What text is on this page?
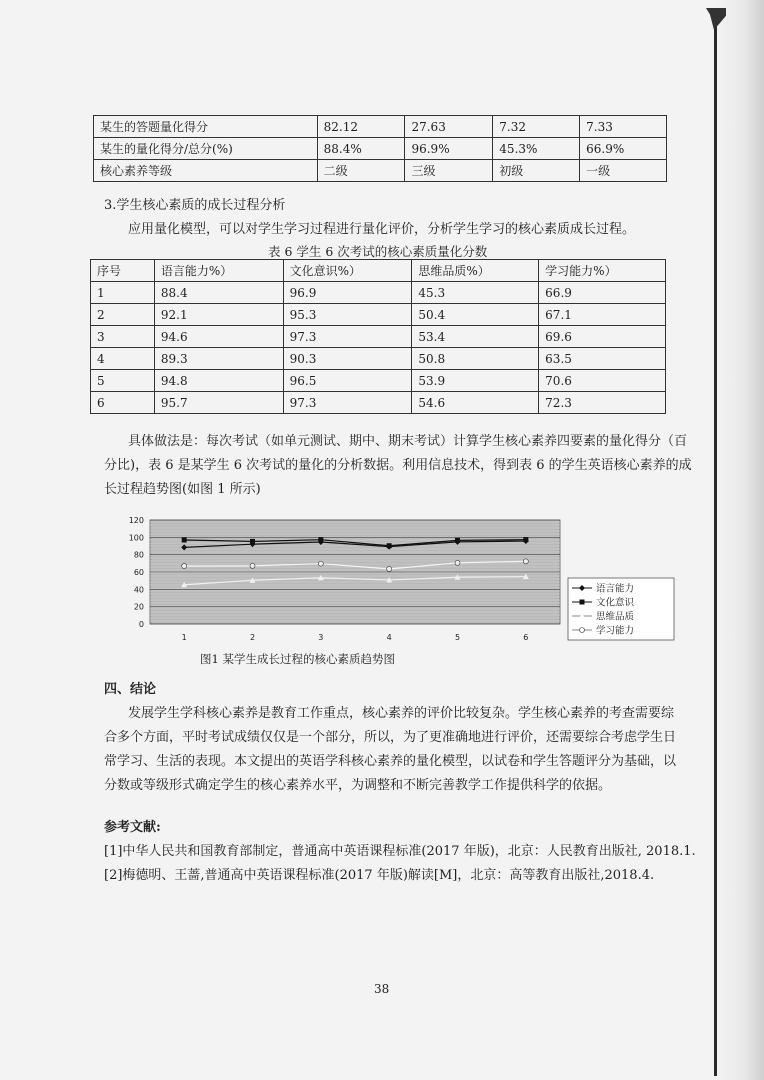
某生的答题量化得分	82.12	27.63	7.32	7.33
某生的量化得分/总分(%)	88.4%	96.9%	45.3%	66.9%
核心素养等级	二级	三级	初级	一级
3.学生核心素质的成长过程分析
应用量化模型，可以对学生学习过程进行量化评价，分析学生学习的核心素质成长过程。
表 6 学生 6 次考试的核心素质量化分数
序号	语言能力%）	文化意识%）	思维品质%）	学习能力%）
1	88.4	96.9	45.3	66.9
2	92.1	95.3	50.4	67.1
3	94.6	97.3	53.4	69.6
4	89.3	90.3	50.8	63.5
5	94.8	96.5	53.9	70.6
6	95.7	97.3	54.6	72.3
具体做法是：每次考试（如单元测试、期中、期末考试）计算学生核心素养四要素的量化得分（百
分比)，表 6 是某学生 6 次考试的量化的分析数据。利用信息技术，得到表 6 的学生英语核心素养的成
长过程趋势图(如图 1 所示)
0
20
40
60
80
100
120
1	2	3	4	5	6
语言能力
文化意识
思维品质
学习能力
图1 某学生成长过程的核心素质趋势图
四、结论
发展学生学科核心素养是教育工作重点，核心素养的评价比较复杂。学生核心素养的考查需要综
合多个方面，平时考试成绩仅仅是一个部分，所以，为了更准确地进行评价，还需要综合考虑学生日
常学习、生活的表现。本文提出的英语学科核心素养的量化模型，以试卷和学生答题评分为基础，以
分数或等级形式确定学生的核心素养水平，为调整和不断完善教学工作提供科学的依据。
参考文献:
[1]中华人民共和国教育部制定，普通高中英语课程标准(2017 年版)，北京：人民教育出版社, 2018.1.
[2]梅德明、王蔷,普通高中英语课程标准(2017 年版)解读[M]，北京：高等教育出版社,2018.4.
38
